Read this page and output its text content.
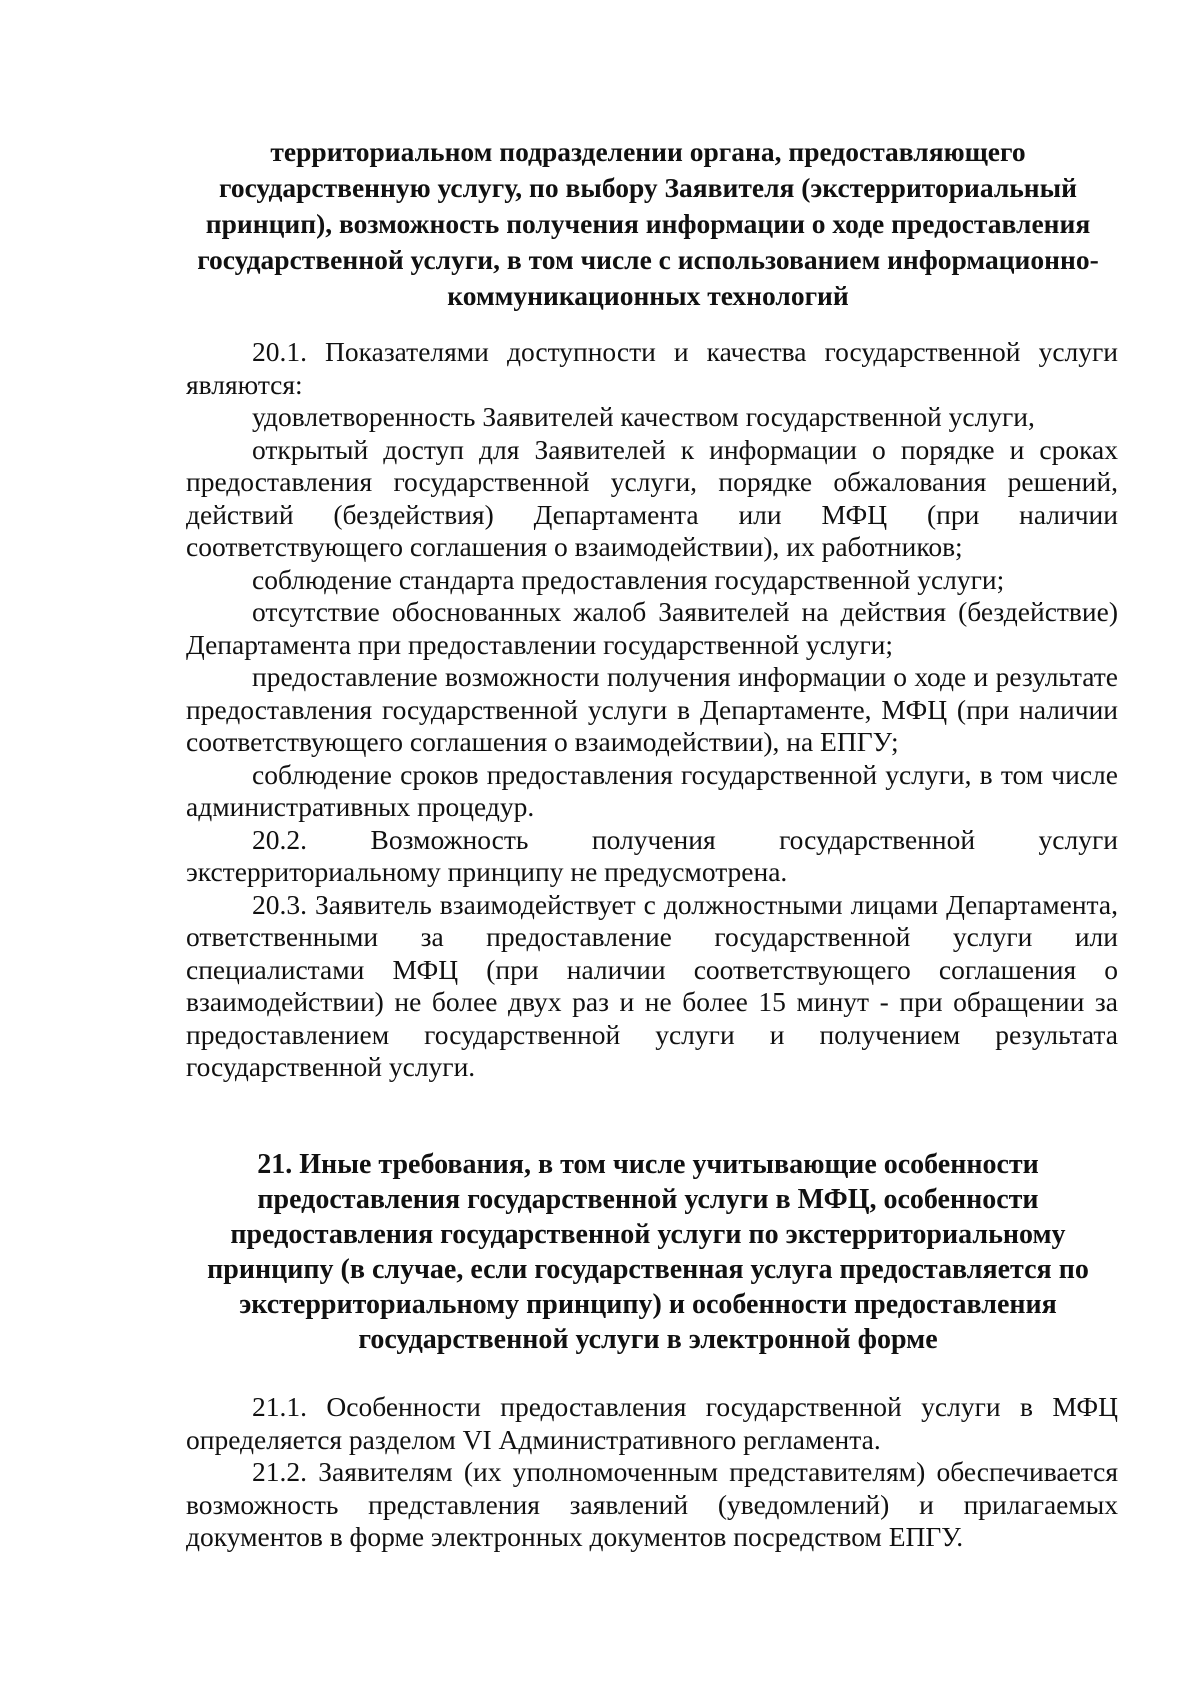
территориальном подразделении органа, предоставляющего государственную услугу, по выбору Заявителя (экстерриториальный принцип), возможность получения информации о ходе предоставления государственной услуги, в том числе с использованием информационно-коммуникационных технологий

20.1. Показателями доступности и качества государственной услуги являются:

удовлетворенность Заявителей качеством государственной услуги,

открытый доступ для Заявителей к информации о порядке и сроках предоставления государственной услуги, порядке обжалования решений, действий (бездействия) Департамента или МФЦ (при наличии соответствующего соглашения о взаимодействии), их работников;

соблюдение стандарта предоставления государственной услуги;

отсутствие обоснованных жалоб Заявителей на действия (бездействие) Департамента при предоставлении государственной услуги;

предоставление возможности получения информации о ходе и результате предоставления государственной услуги в Департаменте, МФЦ (при наличии соответствующего соглашения о взаимодействии), на ЕПГУ;

соблюдение сроков предоставления государственной услуги, в том числе административных процедур.

20.2. Возможность получения государственной услуги экстерриториальному принципу не предусмотрена.

20.3. Заявитель взаимодействует с должностными лицами Департамента, ответственными за предоставление государственной услуги или специалистами МФЦ (при наличии соответствующего соглашения о взаимодействии) не более двух раз и не более 15 минут - при обращении за предоставлением государственной услуги и получением результата государственной услуги.

21. Иные требования, в том числе учитывающие особенности предоставления государственной услуги в МФЦ, особенности предоставления государственной услуги по экстерриториальному принципу (в случае, если государственная услуга предоставляется по экстерриториальному принципу) и особенности предоставления государственной услуги в электронной форме

21.1. Особенности предоставления государственной услуги в МФЦ определяется разделом VI Административного регламента.

21.2. Заявителям (их уполномоченным представителям) обеспечивается возможность представления заявлений (уведомлений) и прилагаемых документов в форме электронных документов посредством ЕПГУ.
